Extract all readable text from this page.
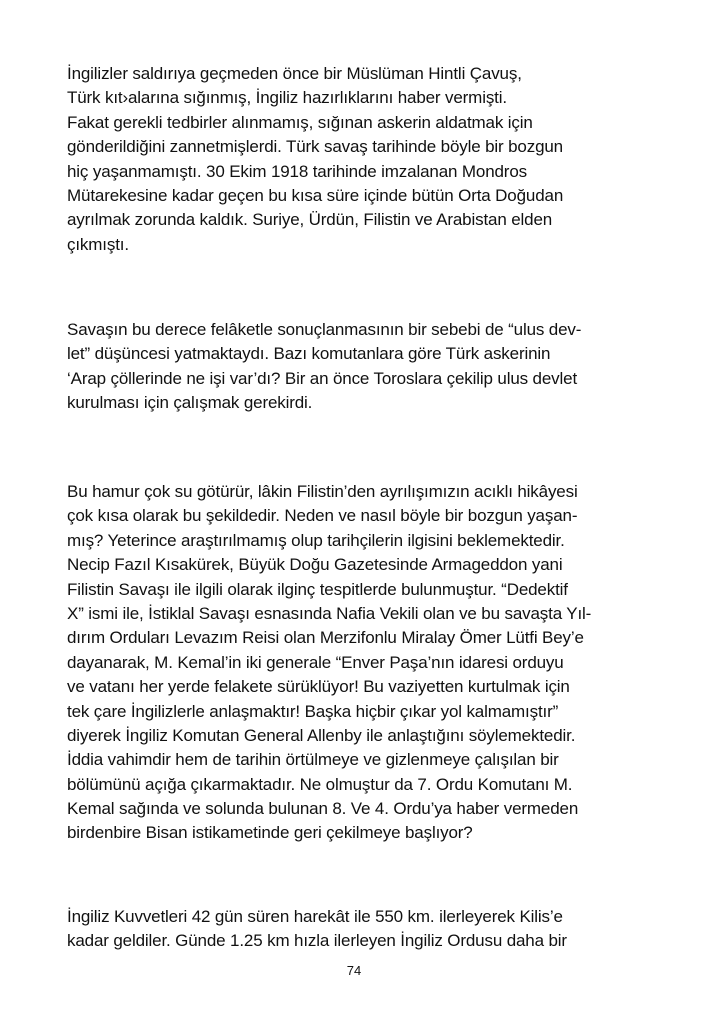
İngilizler saldırıya geçmeden önce bir Müslüman Hintli Çavuş,
Türk kıt›alarına sığınmış, İngiliz hazırlıklarını haber vermişti.
Fakat gerekli tedbirler alınmamış, sığınan askerin aldatmak için
gönderildiğini zannetmişlerdi. Türk savaş tarihinde böyle bir bozgun
hiç yaşanmamıştı. 30 Ekim 1918 tarihinde imzalanan Mondros
Mütarekesine kadar geçen bu kısa süre içinde bütün Orta Doğudan
ayrılmak zorunda kaldık. Suriye, Ürdün, Filistin ve Arabistan elden
çıkmıştı.
Savaşın bu derece felâketle sonuçlanmasının bir sebebi de “ulus dev-
let” düşüncesi yatmaktaydı. Bazı komutanlara göre Türk askerinin
‘Arap çöllerinde ne işi var’dı? Bir an önce Toroslara çekilip ulus devlet
kurulması için çalışmak gerekirdi.
Bu hamur çok su götürür, lâkin Filistin’den ayrılışımızın acıklı hikâyesi
çok kısa olarak bu şekildedir. Neden ve nasıl böyle bir bozgun yaşan-
mış? Yeterince araştırılmamış olup tarihçilerin ilgisini beklemektedir.
Necip Fazıl Kısakürek, Büyük Doğu Gazetesinde Armageddon yani
Filistin Savaşı ile ilgili olarak ilginç tespitlerde bulunmuştur. “Dedektif
X” ismi ile, İstiklal Savaşı esnasında Nafia Vekili olan ve bu savaşta Yıl-
dırım Orduları Levazım Reisi olan Merzifonlu Miralay Ömer Lütfi Bey’e
dayanarak, M. Kemal’in iki generale “Enver Paşa’nın idaresi orduyu
ve vatanı her yerde felakete sürüklüyor! Bu vaziyetten kurtulmak için
tek çare İngilizlerle anlaşmaktır! Başka hiçbir çıkar yol kalmamıştır”
diyerek İngiliz Komutan General Allenby ile anlaştığını söylemektedir.
İddia vahimdir hem de tarihin örtülmeye ve gizlenmeye çalışılan bir
bölümünü açığa çıkarmaktadır. Ne olmuştur da 7. Ordu Komutanı M.
Kemal sağında ve solunda bulunan 8. Ve 4. Ordu’ya haber vermeden
birdenbire Bisan istikametinde geri çekilmeye başlıyor?
İngiliz Kuvvetleri 42 gün süren harekât ile 550 km. ilerleyerek Kilis’e
kadar geldiler. Günde 1.25 km hızla ilerleyen İngiliz Ordusu daha bir
74
